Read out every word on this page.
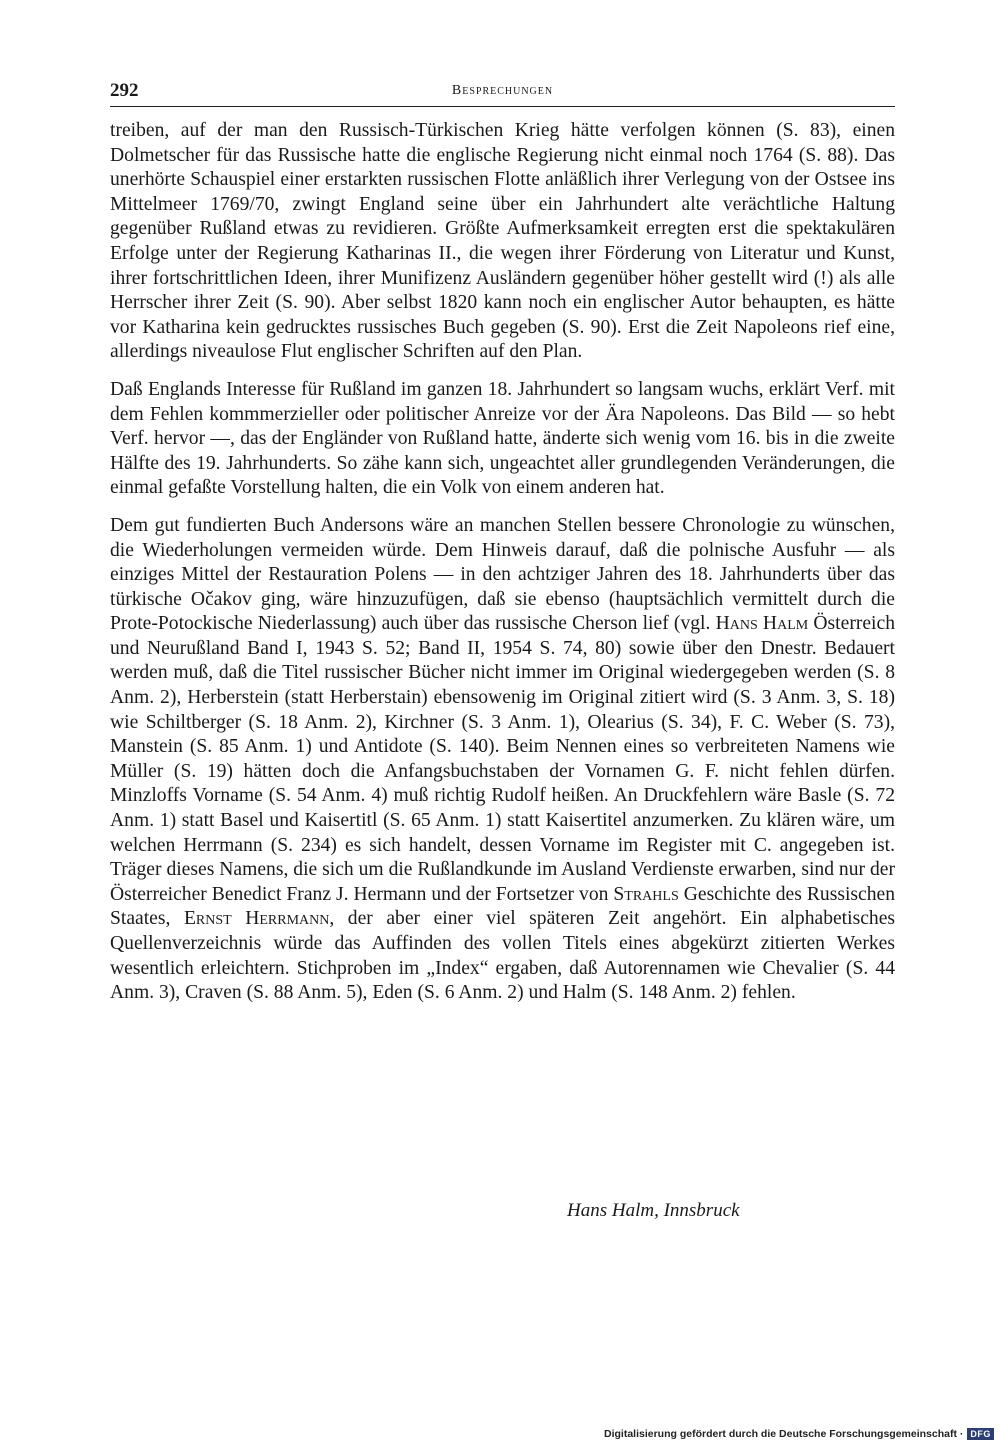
292	Besprechungen

treiben, auf der man den Russisch-Türkischen Krieg hätte verfolgen können (S. 83), einen Dolmetscher für das Russische hatte die englische Regierung nicht einmal noch 1764 (S. 88). Das unerhörte Schauspiel einer erstarkten russischen Flotte anläßlich ihrer Verlegung von der Ostsee ins Mittelmeer 1769/70, zwingt England seine über ein Jahrhundert alte verächtliche Haltung gegenüber Rußland etwas zu revidieren. Größte Aufmerksamkeit erregten erst die spektakulären Erfolge unter der Regierung Katharinas II., die wegen ihrer Förderung von Literatur und Kunst, ihrer fortschrittlichen Ideen, ihrer Munifizenz Ausländern gegenüber höher gestellt wird (!) als alle Herrscher ihrer Zeit (S. 90). Aber selbst 1820 kann noch ein englischer Autor behaupten, es hätte vor Katharina kein gedrucktes russisches Buch gegeben (S. 90). Erst die Zeit Napoleons rief eine, allerdings niveaulose Flut englischer Schriften auf den Plan.

Daß Englands Interesse für Rußland im ganzen 18. Jahrhundert so langsam wuchs, erklärt Verf. mit dem Fehlen kommmerzieller oder politischer Anreize vor der Ära Napoleons. Das Bild — so hebt Verf. hervor —, das der Engländer von Rußland hatte, änderte sich wenig vom 16. bis in die zweite Hälfte des 19. Jahrhunderts. So zähe kann sich, ungeachtet aller grundlegenden Veränderungen, die einmal gefaßte Vorstellung halten, die ein Volk von einem anderen hat.

Dem gut fundierten Buch Andersons wäre an manchen Stellen bessere Chronologie zu wünschen, die Wiederholungen vermeiden würde. Dem Hinweis darauf, daß die polnische Ausfuhr — als einziges Mittel der Restauration Polens — in den achtziger Jahren des 18. Jahrhunderts über das türkische Očakov ging, wäre hinzuzufügen, daß sie ebenso (hauptsächlich vermittelt durch die Prote-Potockische Niederlassung) auch über das russische Cherson lief (vgl. Hans Halm Österreich und Neurußland Band I, 1943 S. 52; Band II, 1954 S. 74, 80) sowie über den Dnestr. Bedauert werden muß, daß die Titel russischer Bücher nicht immer im Original wiedergegeben werden (S. 8 Anm. 2), Herberstein (statt Herberstain) ebensowenig im Original zitiert wird (S. 3 Anm. 3, S. 18) wie Schiltberger (S. 18 Anm. 2), Kirchner (S. 3 Anm. 1), Olearius (S. 34), F. C. Weber (S. 73), Manstein (S. 85 Anm. 1) und Antidote (S. 140). Beim Nennen eines so verbreiteten Namens wie Müller (S. 19) hätten doch die Anfangsbuchstaben der Vornamen G. F. nicht fehlen dürfen. Minzloffs Vorname (S. 54 Anm. 4) muß richtig Rudolf heißen. An Druckfehlern wäre Basle (S. 72 Anm. 1) statt Basel und Kaisertitl (S. 65 Anm. 1) statt Kaisertitel anzumerken. Zu klären wäre, um welchen Herrmann (S. 234) es sich handelt, dessen Vorname im Register mit C. angegeben ist. Träger dieses Namens, die sich um die Rußlandkunde im Ausland Verdienste erwarben, sind nur der Österreicher Benedict Franz J. Hermann und der Fortsetzer von Strahls Geschichte des Russischen Staates, Ernst Herrmann, der aber einer viel späteren Zeit angehört. Ein alphabetisches Quellenverzeichnis würde das Auffinden des vollen Titels eines abgekürzt zitierten Werkes wesentlich erleichtern. Stichproben im „Index“ ergaben, daß Autorennamen wie Chevalier (S. 44 Anm. 3), Craven (S. 88 Anm. 5), Eden (S. 6 Anm. 2) und Halm (S. 148 Anm. 2) fehlen.

Hans Halm, Innsbruck
Digitalisierung gefördert durch die Deutsche Forschungsgemeinschaft · DFG
